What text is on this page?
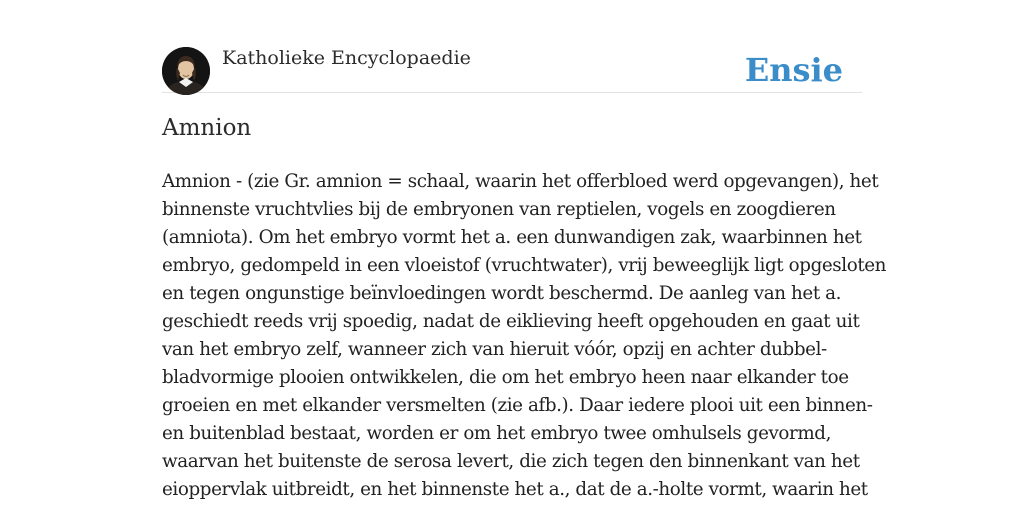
Katholieke Encyclopaedie	Ensie
Amnion
Amnion - (zie Gr. amnion = schaal, waarin het offerbloed werd opgevangen), het
binnenste vruchtvlies bij de embryonen van reptielen, vogels en zoogdieren
(amniota). Om het embryo vormt het a. een dunwandigen zak, waarbinnen het
embryo, gedompeld in een vloeistof (vruchtwater), vrij beweeglijk ligt opgesloten
en tegen ongunstige beïnvloedingen wordt beschermd. De aanleg van het a.
geschiedt reeds vrij spoedig, nadat de eiklieving heeft opgehouden en gaat uit
van het embryo zelf, wanneer zich van hieruit vóór, opzij en achter dubbel-
bladvormige plooien ontwikkelen, die om het embryo heen naar elkander toe
groeien en met elkander versmelten (zie afb.). Daar iedere plooi uit een binnen-
en buitenblad bestaat, worden er om het embryo twee omhulsels gevormd,
waarvan het buitenste de serosa levert, die zich tegen den binnenkant van het
eioppervlak uitbreidt, en het binnenste het a., dat de a.-holte vormt, waarin het
